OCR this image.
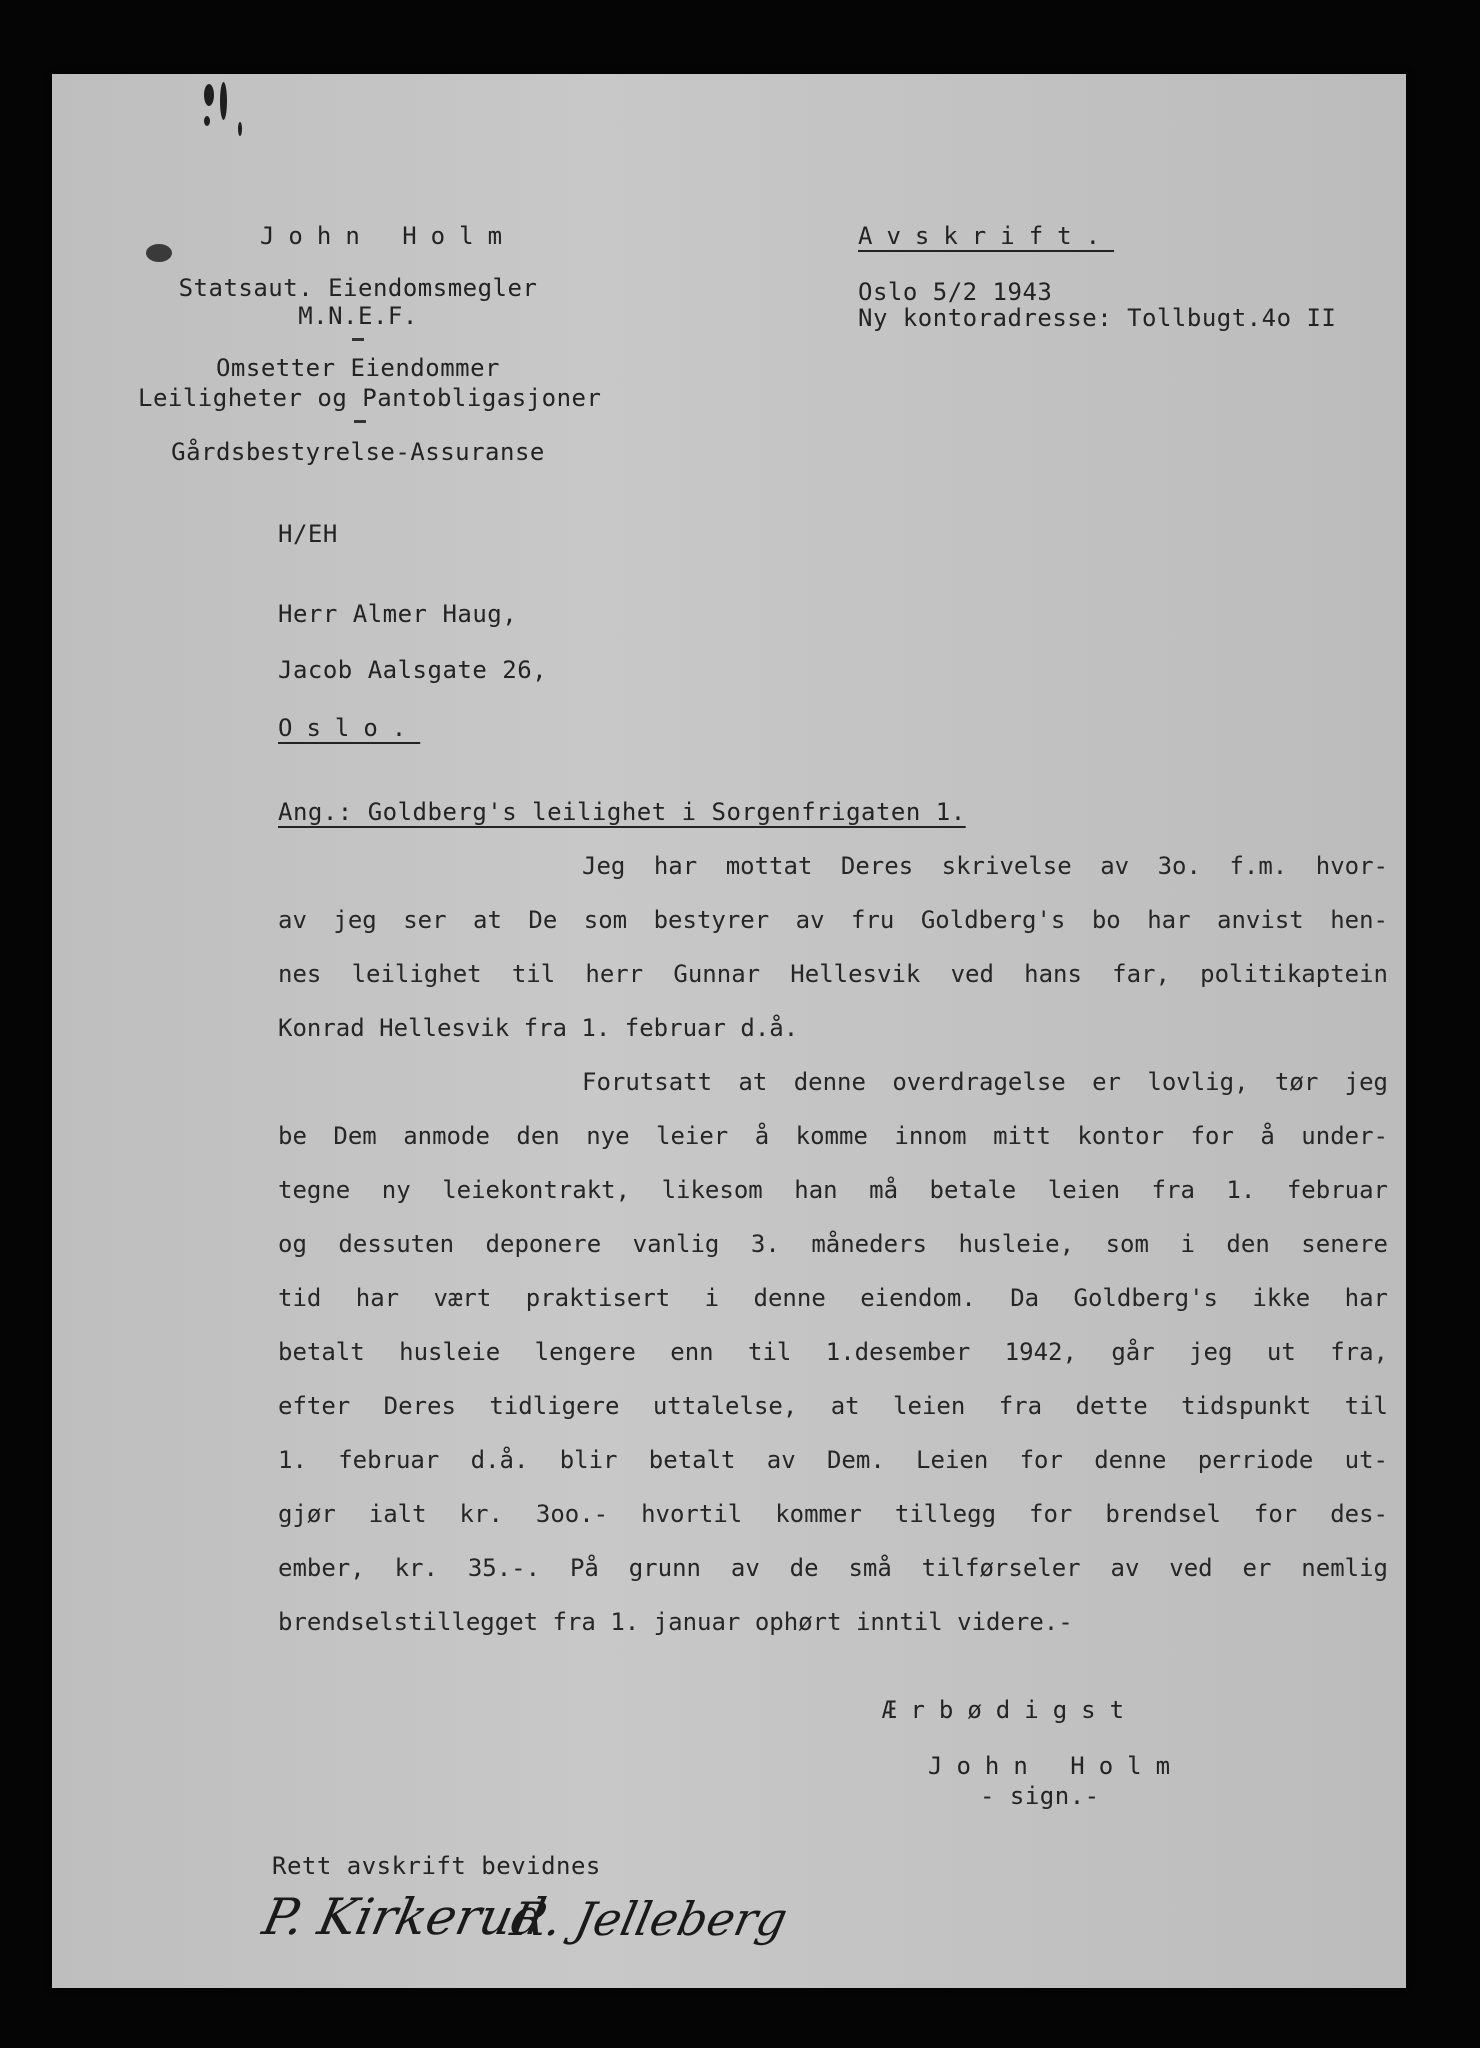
John Holm
Statsaut. Eiendomsmegler
M.N.E.F.
Omsetter Eiendommer
Leiligheter og Pantobligasjoner
Gårdsbestyrelse-Assuranse
H/EH
Avskrift.
Oslo 5/2 1943
Ny kontoradresse: Tollbugt.4o II
Herr Almer Haug,
Jacob Aalsgate 26,
Oslo.
Ang.: Goldberg's leilighet i Sorgenfrigaten 1.
Jeg har mottat Deres skrivelse av 3o. f.m. hvor-
av jeg ser at De som bestyrer av fru Goldberg's bo har anvist hen-
nes leilighet til herr Gunnar Hellesvik ved hans far, politikaptein
Konrad Hellesvik fra 1. februar d.å.
Forutsatt at denne overdragelse er lovlig, tør jeg
be Dem anmode den nye leier å komme innom mitt kontor for å under-
tegne ny leiekontrakt, likesom han må betale leien fra 1. februar
og dessuten deponere vanlig 3. måneders husleie, som i den senere
tid har vært praktisert i denne eiendom. Da Goldberg's ikke har
betalt husleie lengere enn til 1.desember 1942, går jeg ut fra,
efter Deres tidligere uttalelse, at leien fra dette tidspunkt til
1. februar d.å. blir betalt av Dem. Leien for denne perriode ut-
gjør ialt kr. 3oo.- hvortil kommer tillegg for brendsel for des-
ember, kr. 35.-. På grunn av de små tilførseler av ved er nemlig
brendselstillegget fra 1. januar ophørt inntil videre.-
Ærbødigst
John Holm
- sign.-
Rett avskrift bevidnes
P. Kirkerud
R. Jelleberg
